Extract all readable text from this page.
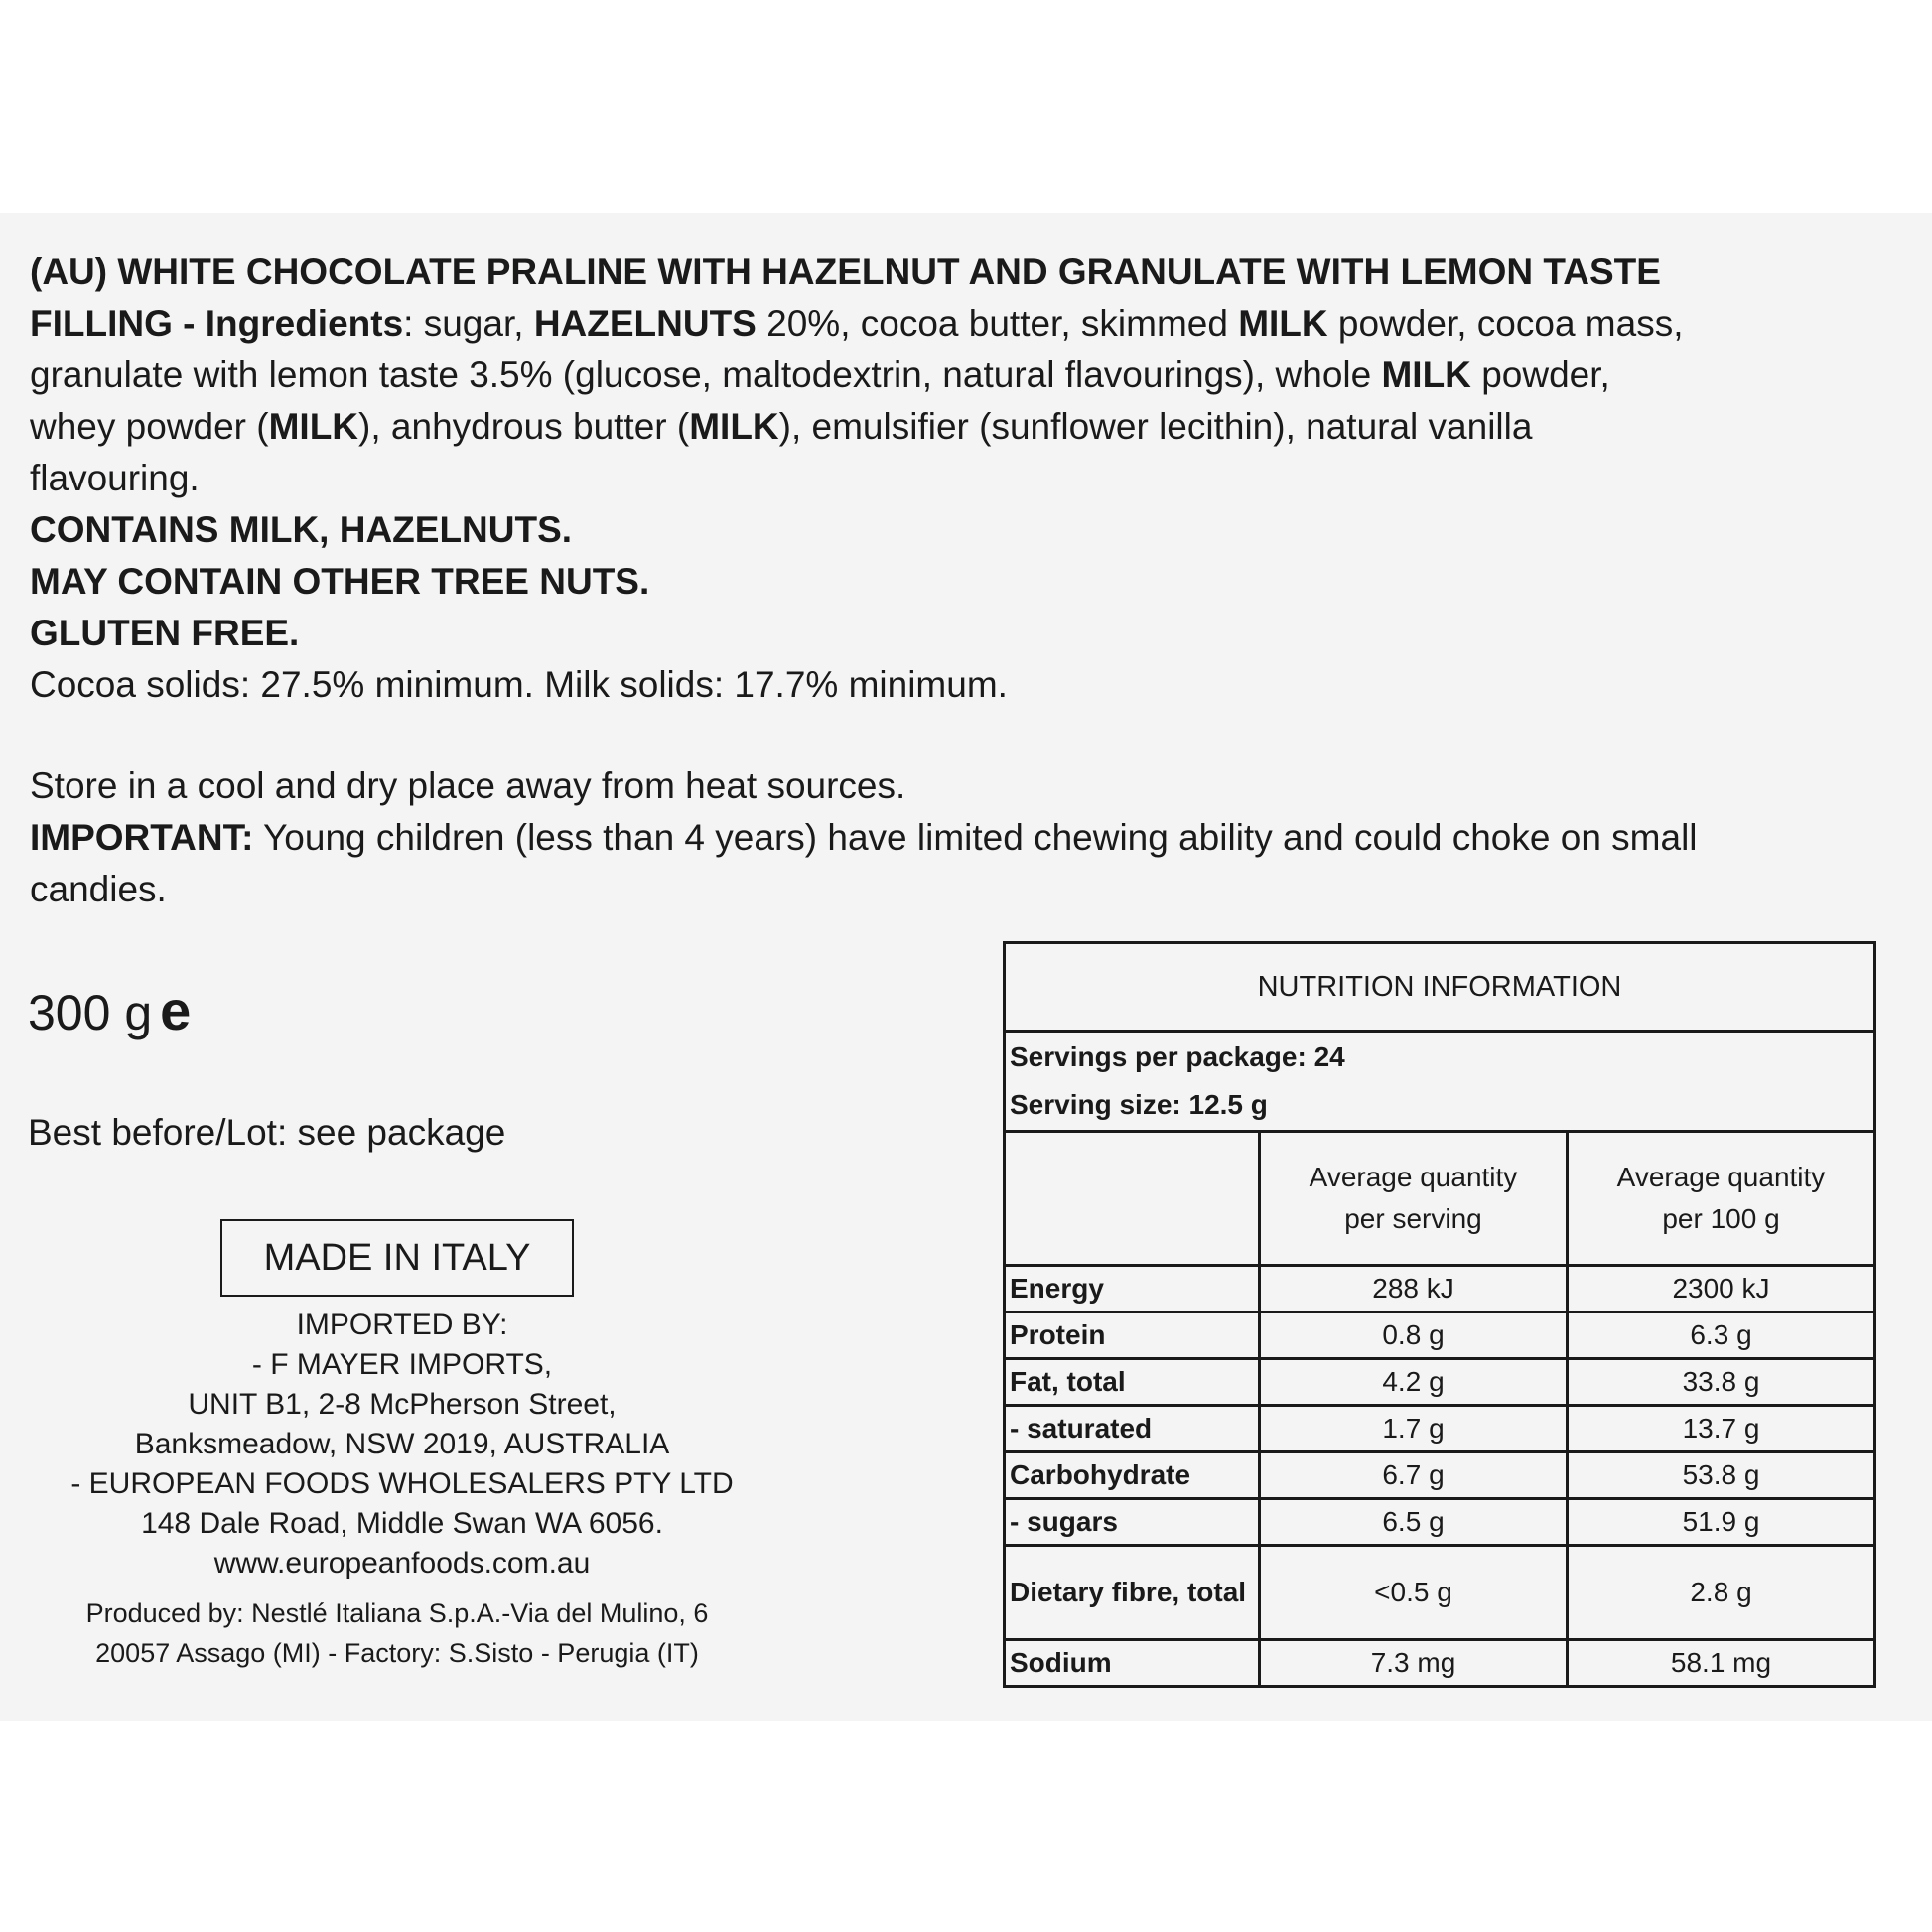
(AU) WHITE CHOCOLATE PRALINE WITH HAZELNUT AND GRANULATE WITH LEMON TASTE
FILLING - Ingredients: sugar, HAZELNUTS 20%, cocoa butter, skimmed MILK powder, cocoa mass,
granulate with lemon taste 3.5% (glucose, maltodextrin, natural flavourings), whole MILK powder,
whey powder (MILK), anhydrous butter (MILK), emulsifier (sunflower lecithin), natural vanilla
flavouring.
CONTAINS MILK, HAZELNUTS.
MAY CONTAIN OTHER TREE NUTS.
GLUTEN FREE.
Cocoa solids: 27.5% minimum. Milk solids: 17.7% minimum.
Store in a cool and dry place away from heat sources.
IMPORTANT: Young children (less than 4 years) have limited chewing ability and could choke on small
candies.
300 g e
Best before/Lot: see package
MADE IN ITALY
IMPORTED BY:
- F MAYER IMPORTS,
UNIT B1, 2-8 McPherson Street,
Banksmeadow, NSW 2019, AUSTRALIA
- EUROPEAN FOODS WHOLESALERS PTY LTD
148 Dale Road, Middle Swan WA 6056.
www.europeanfoods.com.au
Produced by: Nestlé Italiana S.p.A.-Via del Mulino, 6
20057 Assago (MI) - Factory: S.Sisto - Perugia (IT)
NUTRITION INFORMATION		

Servings per package: 24
Serving size: 12.5 g		

	Average quantity
per serving	Average quantity
per 100 g

Energy	288 kJ	2300 kJ
Protein	0.8 g	6.3 g
Fat, total	4.2 g	33.8 g
- saturated	1.7 g	13.7 g
Carbohydrate	6.7 g	53.8 g
- sugars	6.5 g	51.9 g
Dietary fibre, total	<0.5 g	2.8 g
Sodium	7.3 mg	58.1 mg
